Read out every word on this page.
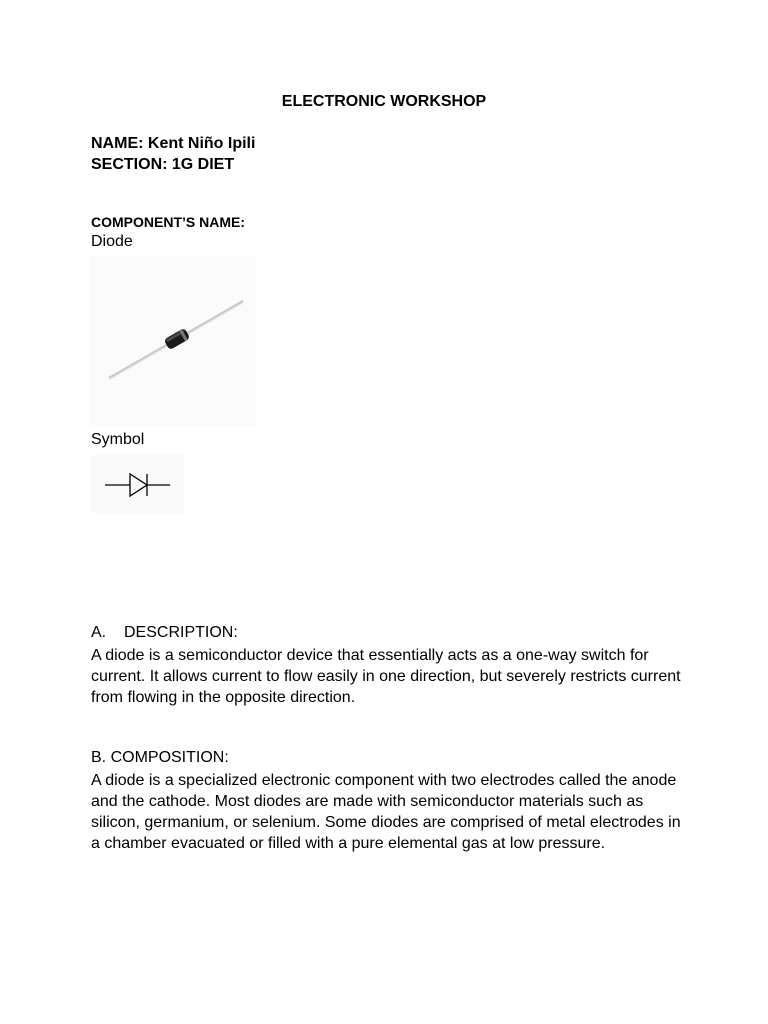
ELECTRONIC WORKSHOP
NAME: Kent Niño Ipili
SECTION: 1G DIET
COMPONENT’S NAME:
Diode
Symbol
A. DESCRIPTION:
A diode is a semiconductor device that essentially acts as a one-way switch for current. It allows current to flow easily in one direction, but severely restricts current from flowing in the opposite direction.
B. COMPOSITION:
A diode is a specialized electronic component with two electrodes called the anode and the cathode. Most diodes are made with semiconductor materials such as silicon, germanium, or selenium. Some diodes are comprised of metal electrodes in a chamber evacuated or filled with a pure elemental gas at low pressure.
